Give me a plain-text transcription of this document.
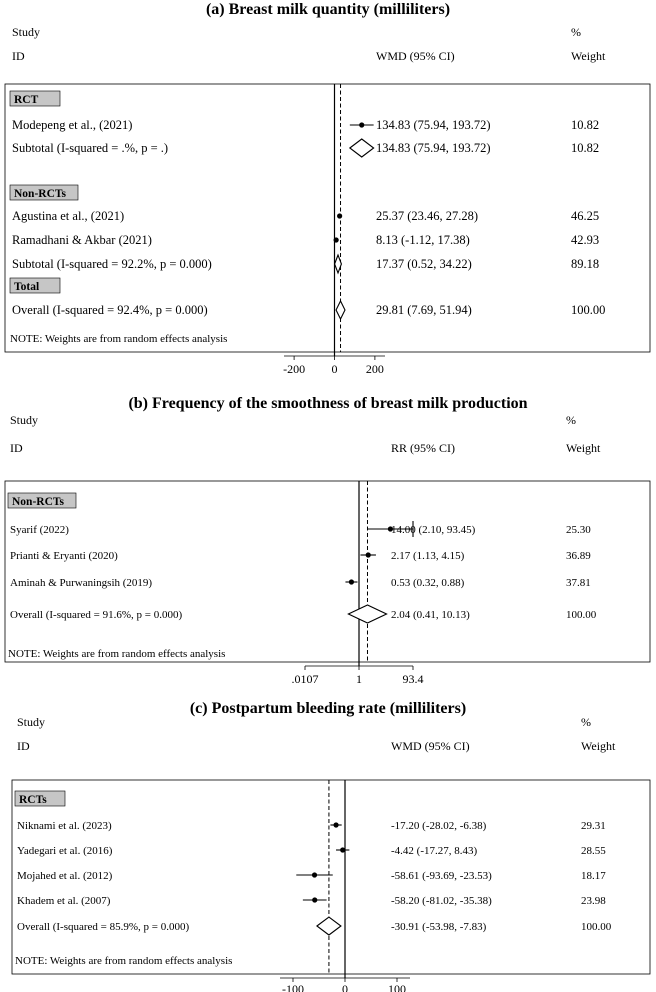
(a) Breast milk quantity (milliliters)
Study
ID	WMD (95% CI)
%
Weight
RCT
Modepeng et al., (2021)	134.83 (75.94, 193.72)	10.82
Subtotal (I-squared = .%, p = .)	134.83 (75.94, 193.72)	10.82
Non-RCTs
Agustina et al., (2021)	25.37 (23.46, 27.28)	46.25
Ramadhani & Akbar (2021)	8.13 (-1.12, 17.38)	42.93
Subtotal (I-squared = 92.2%, p = 0.000)	17.37 (0.52, 34.22)	89.18
Total
Overall (I-squared = 92.4%, p = 0.000)	29.81 (7.69, 51.94)	100.00
NOTE: Weights are from random effects analysis
-200 0 200
(b) Frequency of the smoothness of breast milk production
Study
ID	RR (95% CI)
%
Weight
Non-RCTs
Syarif (2022)	14.00 (2.10, 93.45)	25.30
Prianti & Eryanti (2020)	2.17 (1.13, 4.15)	36.89
Aminah & Purwaningsih (2019)	0.53 (0.32, 0.88)	37.81
Overall (I-squared = 91.6%, p = 0.000)	2.04 (0.41, 10.13)	100.00
NOTE: Weights are from random effects analysis
.0107	1	93.4
(c) Postpartum bleeding rate (milliliters)
Study
ID	WMD (95% CI)
%
Weight
RCTs
Niknami et al. (2023)	-17.20 (-28.02, -6.38)	29.31
Yadegari et al. (2016)	-4.42 (-17.27, 8.43)	28.55
Mojahed et al. (2012)	-58.61 (-93.69, -23.53)	18.17
Khadem et al. (2007)	-58.20 (-81.02, -35.38)	23.98
Overall (I-squared = 85.9%, p = 0.000)	-30.91 (-53.98, -7.83)	100.00
NOTE: Weights are from random effects analysis
-100	0	100
